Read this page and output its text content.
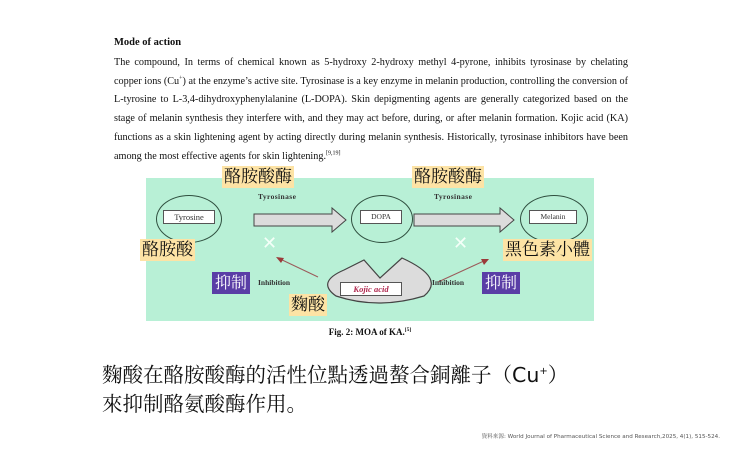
Mode of action

The compound, In terms of chemical known as 5-hydroxy 2-hydroxy methyl 4-pyrone, inhibits tyrosinase by chelating copper ions (Cu+) at the enzyme’s active site. Tyrosinase is a key enzyme in melanin production, controlling the conversion of L-tyrosine to L-3,4-dihydroxyphenylalanine (L-DOPA). Skin depigmenting agents are generally categorized based on the stage of melanin synthesis they interfere with, and they may act before, during, or after melanin formation. Kojic acid (KA) functions as a skin lightening agent by acting directly during melanin synthesis. Historically, tyrosinase inhibitors have been among the most effective agents for skin lightening.[9,19]

Tyrosine	DOPA	Melanin
Tyrosinase	Tyrosinase
✕	✕
Inhibition	Inhibition
Kojic acid
酪胺酸酶	酪胺酸酶
酪胺酸	黑色素小體
抑制	抑制
麴酸
Fig. 2: MOA of KA.[5]
麴酸在酪胺酸酶的活性位點透過螯合銅離子（Cu+）
來抑制酪氨酸酶作用。
資料來源: World Journal of Pharmaceutical Science and Research,2025, 4(1), 515-524.
